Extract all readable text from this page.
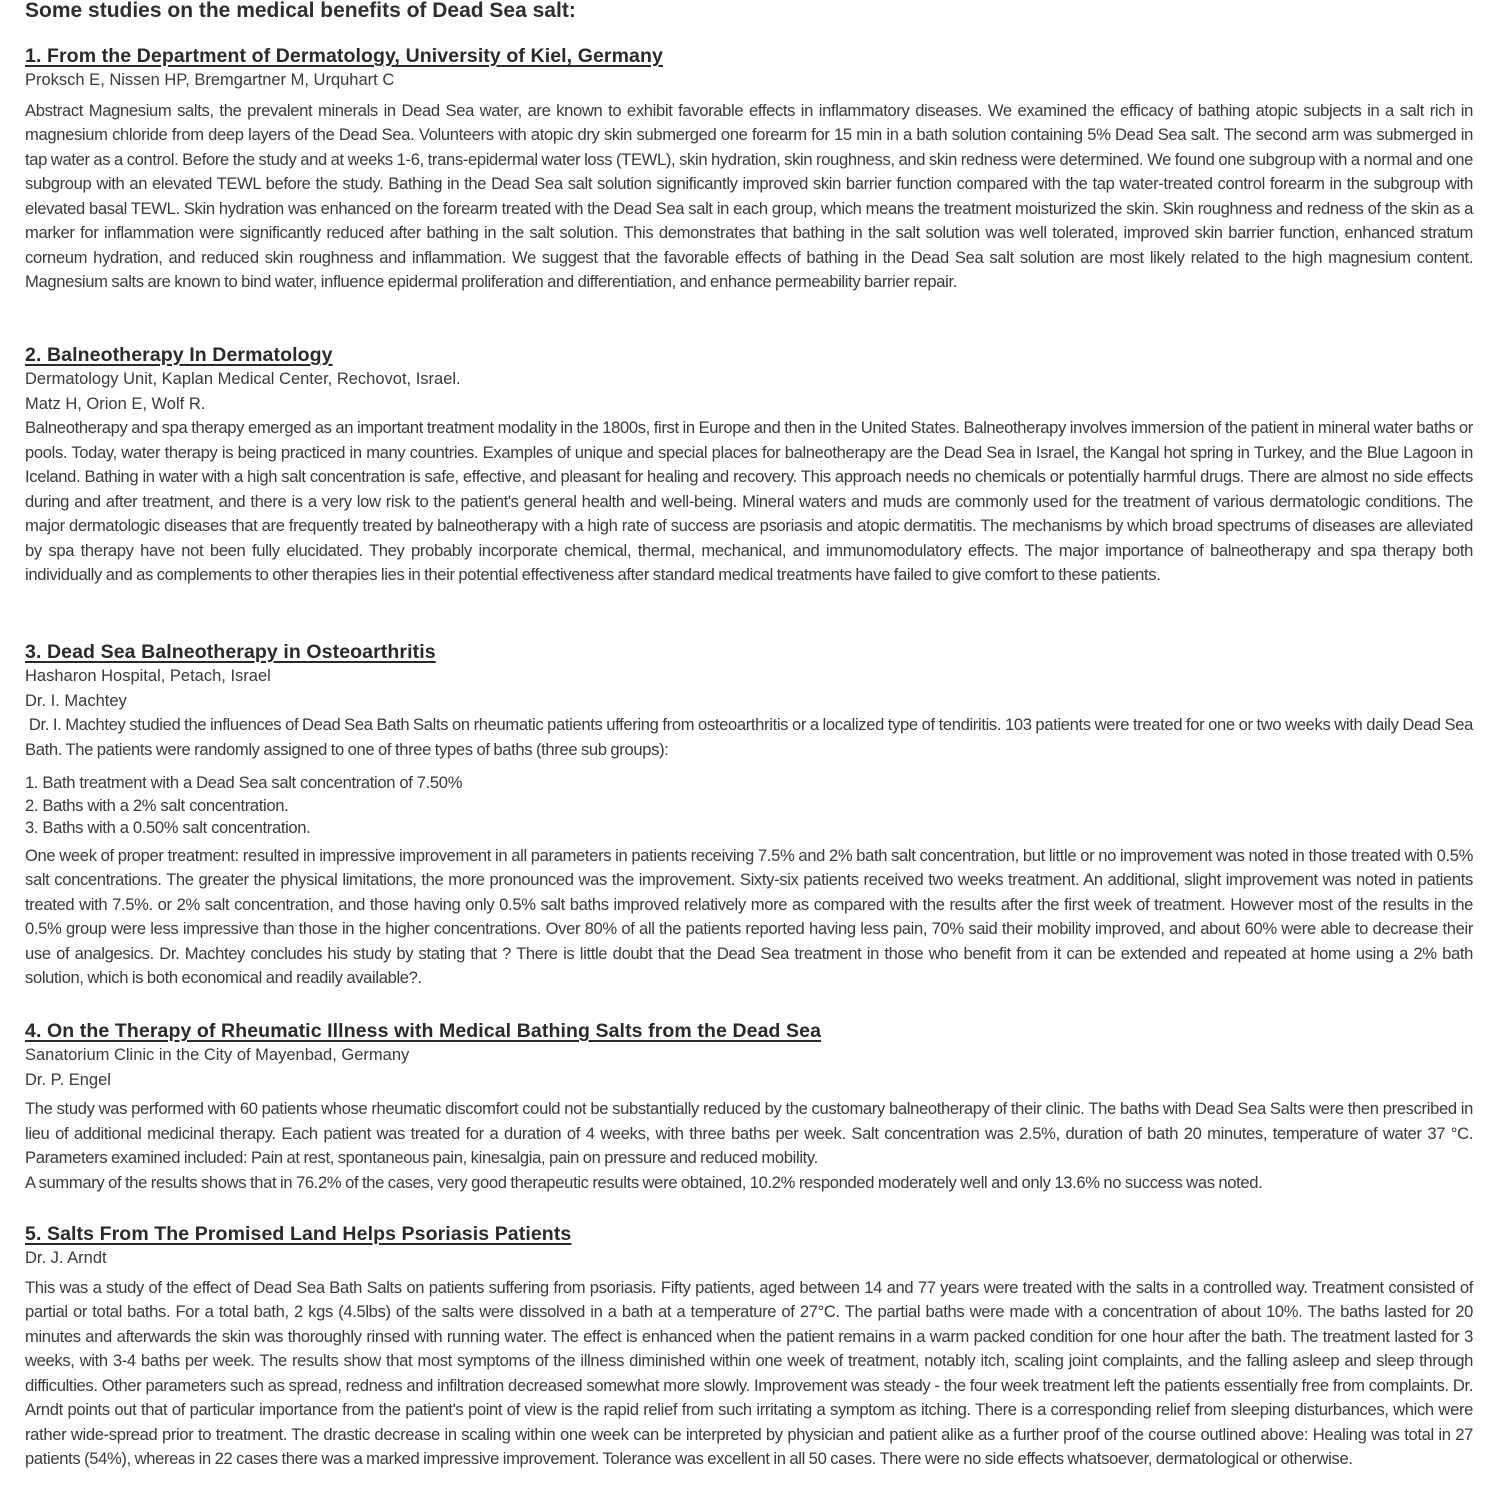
Some studies on the medical benefits of Dead Sea salt:
1. From the Department of Dermatology, University of Kiel, Germany

Proksch E, Nissen HP, Bremgartner M, Urquhart C

Abstract Magnesium salts, the prevalent minerals in Dead Sea water, are known to exhibit favorable effects in inflammatory diseases. We examined the efficacy of bathing atopic subjects in a salt rich in magnesium chloride from deep layers of the Dead Sea. Volunteers with atopic dry skin submerged one forearm for 15 min in a bath solution containing 5% Dead Sea salt. The second arm was submerged in tap water as a control. Before the study and at weeks 1-6, trans-epidermal water loss (TEWL), skin hydration, skin roughness, and skin redness were determined. We found one subgroup with a normal and one subgroup with an elevated TEWL before the study. Bathing in the Dead Sea salt solution significantly improved skin barrier function compared with the tap water-treated control forearm in the subgroup with elevated basal TEWL. Skin hydration was enhanced on the forearm treated with the Dead Sea salt in each group, which means the treatment moisturized the skin. Skin roughness and redness of the skin as a marker for inflammation were significantly reduced after bathing in the salt solution. This demonstrates that bathing in the salt solution was well tolerated, improved skin barrier function, enhanced stratum corneum hydration, and reduced skin roughness and inflammation. We suggest that the favorable effects of bathing in the Dead Sea salt solution are most likely related to the high magnesium content. Magnesium salts are known to bind water, influence epidermal proliferation and differentiation, and enhance permeability barrier repair.

2. Balneotherapy In Dermatology

Dermatology Unit, Kaplan Medical Center, Rechovot, Israel.

Matz H, Orion E, Wolf R.

Balneotherapy and spa therapy emerged as an important treatment modality in the 1800s, first in Europe and then in the United States. Balneotherapy involves immersion of the patient in mineral water baths or pools. Today, water therapy is being practiced in many countries. Examples of unique and special places for balneotherapy are the Dead Sea in Israel, the Kangal hot spring in Turkey, and the Blue Lagoon in Iceland. Bathing in water with a high salt concentration is safe, effective, and pleasant for healing and recovery. This approach needs no chemicals or potentially harmful drugs. There are almost no side effects during and after treatment, and there is a very low risk to the patient's general health and well-being. Mineral waters and muds are commonly used for the treatment of various dermatologic conditions. The major dermatologic diseases that are frequently treated by balneotherapy with a high rate of success are psoriasis and atopic dermatitis. The mechanisms by which broad spectrums of diseases are alleviated by spa therapy have not been fully elucidated. They probably incorporate chemical, thermal, mechanical, and immunomodulatory effects. The major importance of balneotherapy and spa therapy both individually and as complements to other therapies lies in their potential effectiveness after standard medical treatments have failed to give comfort to these patients.

3. Dead Sea Balneotherapy in Osteoarthritis

Hasharon Hospital, Petach, Israel

Dr. I. Machtey

Dr. I. Machtey studied the influences of Dead Sea Bath Salts on rheumatic patients uffering from osteoarthritis or a localized type of tendiritis. 103 patients were treated for one or two weeks with daily Dead Sea Bath. The patients were randomly assigned to one of three types of baths (three sub groups):

1. Bath treatment with a Dead Sea salt concentration of 7.50%
2. Baths with a 2% salt concentration.
3. Baths with a 0.50% salt concentration.

One week of proper treatment: resulted in impressive improvement in all parameters in patients receiving 7.5% and 2% bath salt concentration, but little or no improvement was noted in those treated with 0.5% salt concentrations. The greater the physical limitations, the more pronounced was the improvement. Sixty-six patients received two weeks treatment. An additional, slight improvement was noted in patients treated with 7.5%. or 2% salt concentration, and those having only 0.5% salt baths improved relatively more as compared with the results after the first week of treatment. However most of the results in the 0.5% group were less impressive than those in the higher concentrations. Over 80% of all the patients reported having less pain, 70% said their mobility improved, and about 60% were able to decrease their use of analgesics. Dr. Machtey concludes his study by stating that ? There is little doubt that the Dead Sea treatment in those who benefit from it can be extended and repeated at home using a 2% bath solution, which is both economical and readily available?.

4. On the Therapy of Rheumatic Illness with Medical Bathing Salts from the Dead Sea

Sanatorium Clinic in the City of Mayenbad, Germany

Dr. P. Engel

The study was performed with 60 patients whose rheumatic discomfort could not be substantially reduced by the customary balneotherapy of their clinic. The baths with Dead Sea Salts were then prescribed in lieu of additional medicinal therapy. Each patient was treated for a duration of 4 weeks, with three baths per week. Salt concentration was 2.5%, duration of bath 20 minutes, temperature of water 37 °C. Parameters examined included: Pain at rest, spontaneous pain, kinesalgia, pain on pressure and reduced mobility.

A summary of the results shows that in 76.2% of the cases, very good therapeutic results were obtained, 10.2% responded moderately well and only 13.6% no success was noted.

5. Salts From The Promised Land Helps Psoriasis Patients

Dr. J. Arndt

This was a study of the effect of Dead Sea Bath Salts on patients suffering from psoriasis. Fifty patients, aged between 14 and 77 years were treated with the salts in a controlled way. Treatment consisted of partial or total baths. For a total bath, 2 kgs (4.5lbs) of the salts were dissolved in a bath at a temperature of 27°C. The partial baths were made with a concentration of about 10%. The baths lasted for 20 minutes and afterwards the skin was thoroughly rinsed with running water. The effect is enhanced when the patient remains in a warm packed condition for one hour after the bath. The treatment lasted for 3 weeks, with 3-4 baths per week. The results show that most symptoms of the illness diminished within one week of treatment, notably itch, scaling joint complaints, and the falling asleep and sleep through difficulties. Other parameters such as spread, redness and infiltration decreased somewhat more slowly. Improvement was steady - the four week treatment left the patients essentially free from complaints. Dr. Arndt points out that of particular importance from the patient's point of view is the rapid relief from such irritating a symptom as itching. There is a corresponding relief from sleeping disturbances, which were rather wide-spread prior to treatment. The drastic decrease in scaling within one week can be interpreted by physician and patient alike as a further proof of the course outlined above: Healing was total in 27 patients (54%), whereas in 22 cases there was a marked impressive improvement. Tolerance was excellent in all 50 cases. There were no side effects whatsoever, dermatological or otherwise.
